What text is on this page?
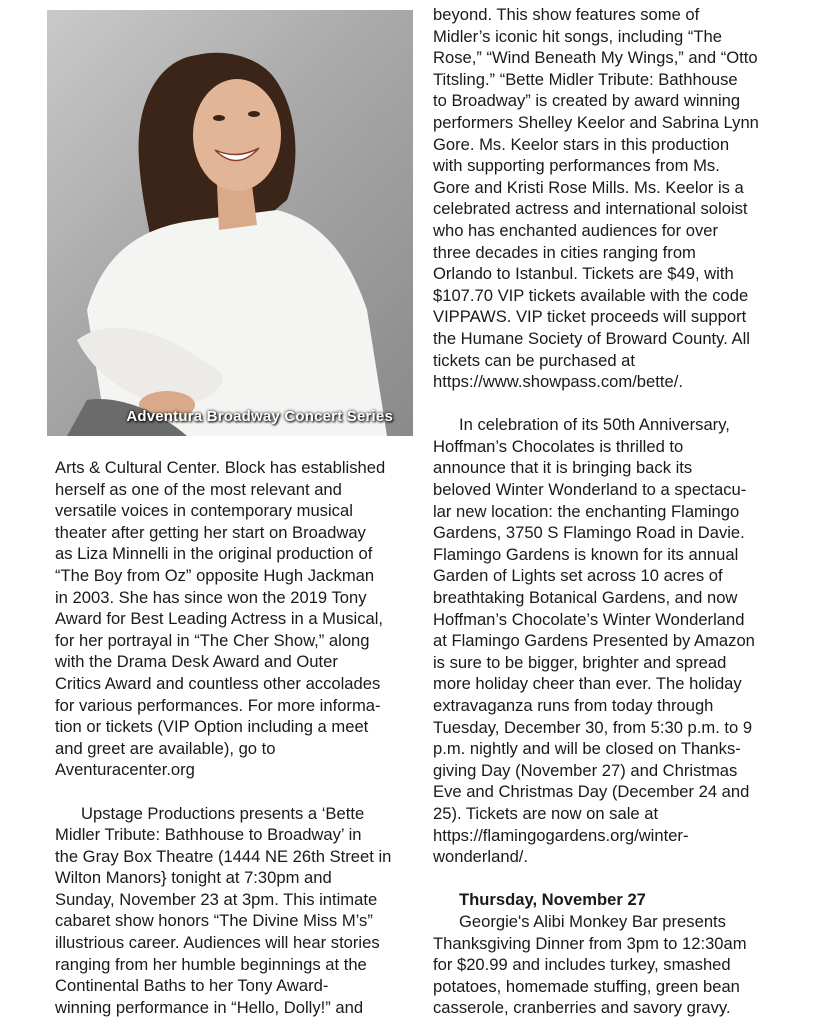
Adventura Broadway Concert Series

Arts & Cultural Center. Block has established
herself as one of the most relevant and
versatile voices in contemporary musical
theater after getting her start on Broadway
as Liza Minnelli in the original production of
“The Boy from Oz” opposite Hugh Jackman
in 2003. She has since won the 2019 Tony
Award for Best Leading Actress in a Musical,
for her portrayal in “The Cher Show,” along
with the Drama Desk Award and Outer
Critics Award and countless other accolades
for various performances. For more informa-
tion or tickets (VIP Option including a meet
and greet are available), go to
Aventuracenter.org

Upstage Productions presents a ‘Bette
Midler Tribute: Bathhouse to Broadway’ in
the Gray Box Theatre (1444 NE 26th Street in
Wilton Manors} tonight at 7:30pm and
Sunday, November 23 at 3pm. This intimate
cabaret show honors “The Divine Miss M’s”
illustrious career. Audiences will hear stories
ranging from her humble beginnings at the
Continental Baths to her Tony Award-
winning performance in “Hello, Dolly!” and

beyond. This show features some of
Midler’s iconic hit songs, including “The
Rose,” “Wind Beneath My Wings,” and “Otto
Titsling.” “Bette Midler Tribute: Bathhouse
to Broadway” is created by award winning
performers Shelley Keelor and Sabrina Lynn
Gore. Ms. Keelor stars in this production
with supporting performances from Ms.
Gore and Kristi Rose Mills. Ms. Keelor is a
celebrated actress and international soloist
who has enchanted audiences for over
three decades in cities ranging from
Orlando to Istanbul. Tickets are $49, with
$107.70 VIP tickets available with the code
VIPPAWS. VIP ticket proceeds will support
the Humane Society of Broward County. All
tickets can be purchased at
https://www.showpass.com/bette/.

In celebration of its 50th Anniversary,
Hoffman’s Chocolates is thrilled to
announce that it is bringing back its
beloved Winter Wonderland to a spectacu-
lar new location: the enchanting Flamingo
Gardens, 3750 S Flamingo Road in Davie.
Flamingo Gardens is known for its annual
Garden of Lights set across 10 acres of
breathtaking Botanical Gardens, and now
Hoffman’s Chocolate’s Winter Wonderland
at Flamingo Gardens Presented by Amazon
is sure to be bigger, brighter and spread
more holiday cheer than ever. The holiday
extravaganza runs from today through
Tuesday, December 30, from 5:30 p.m. to 9
p.m. nightly and will be closed on Thanks-
giving Day (November 27) and Christmas
Eve and Christmas Day (December 24 and
25). Tickets are now on sale at
https://flamingogardens.org/winter-
wonderland/.

Thursday, November 27

Georgie's Alibi Monkey Bar presents
Thanksgiving Dinner from 3pm to 12:30am
for $20.99 and includes turkey, smashed
potatoes, homemade stuffing, green bean
casserole, cranberries and savory gravy.
